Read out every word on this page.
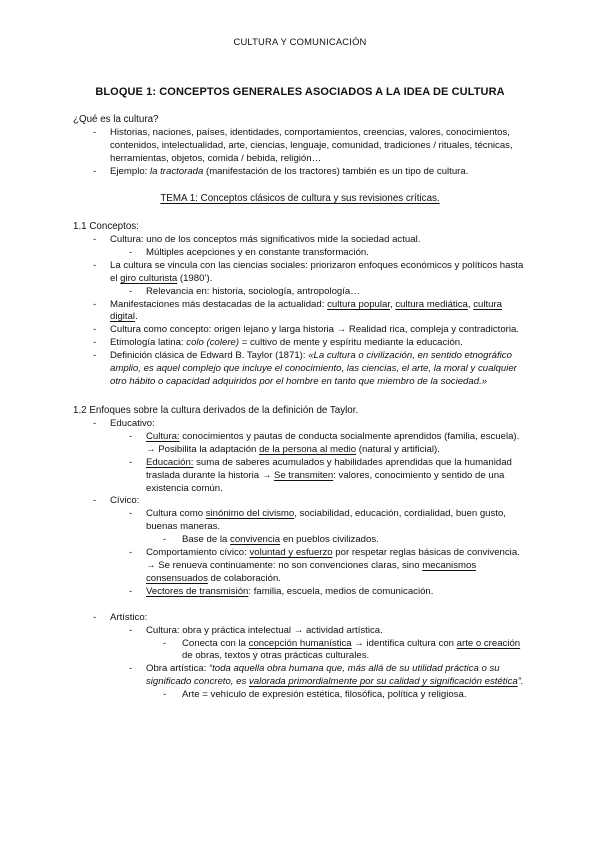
CULTURA Y COMUNICACIÓN
BLOQUE 1: CONCEPTOS GENERALES ASOCIADOS A LA IDEA DE CULTURA
¿Qué es la cultura?
- Historias, naciones, países, identidades, comportamientos, creencias, valores, conocimientos, contenidos, intelectualidad, arte, ciencias, lenguaje, comunidad, tradiciones / rituales, técnicas, herramientas, objetos, comida / bebida, religión…
- Ejemplo: la tractorada (manifestación de los tractores) también es un tipo de cultura.
TEMA 1: Conceptos clásicos de cultura y sus revisiones críticas.
1.1 Conceptos:
- Cultura: uno de los conceptos más significativos mide la sociedad actual.
- Múltiples acepciones y en constante transformación.
- La cultura se vincula con las ciencias sociales: priorizaron enfoques económicos y políticos hasta el giro culturista (1980’).
- Relevancia en: historia, sociología, antropología…
- Manifestaciones más destacadas de la actualidad: cultura popular, cultura mediática, cultura digital.
- Cultura como concepto: origen lejano y larga historia → Realidad rica, compleja y contradictoria.
- Etimología latina: colo (colere) = cultivo de mente y espíritu mediante la educación.
- Definición clásica de Edward B. Taylor (1871): «La cultura o civilización, en sentido etnográfico amplio, es aquel complejo que incluye el conocimiento, las ciencias, el arte, la moral y cualquier otro hábito o capacidad adquiridos por el hombre en tanto que miembro de la sociedad.»
1.2 Enfoques sobre la cultura derivados de la definición de Taylor.
- Educativo:
- Cultura: conocimientos y pautas de conducta socialmente aprendidos (familia, escuela). → Posibilita la adaptación de la persona al medio (natural y artificial).
- Educación: suma de saberes acumulados y habilidades aprendidas que la humanidad traslada durante la historia → Se transmiten: valores, conocimiento y sentido de una existencia común.
- Cívico:
- Cultura como sinónimo del civismo, sociabilidad, educación, cordialidad, buen gusto, buenas maneras.
- Base de la convivencia en pueblos civilizados.
- Comportamiento cívico: voluntad y esfuerzo por respetar reglas básicas de convivencia. → Se renueva continuamente: no son convenciones claras, sino mecanismos consensuados de colaboración.
- Vectores de transmisión: familia, escuela, medios de comunicación.
- Artístico:
- Cultura: obra y práctica intelectual → actividad artística.
- Conecta con la concepción humanística → identifica cultura con arte o creación de obras, textos y otras prácticas culturales.
- Obra artística: “toda aquella obra humana que, más allá de su utilidad práctica o su significado concreto, es valorada primordialmente por su calidad y significación estética”.
- Arte = vehículo de expresión estética, filosófica, política y religiosa.
